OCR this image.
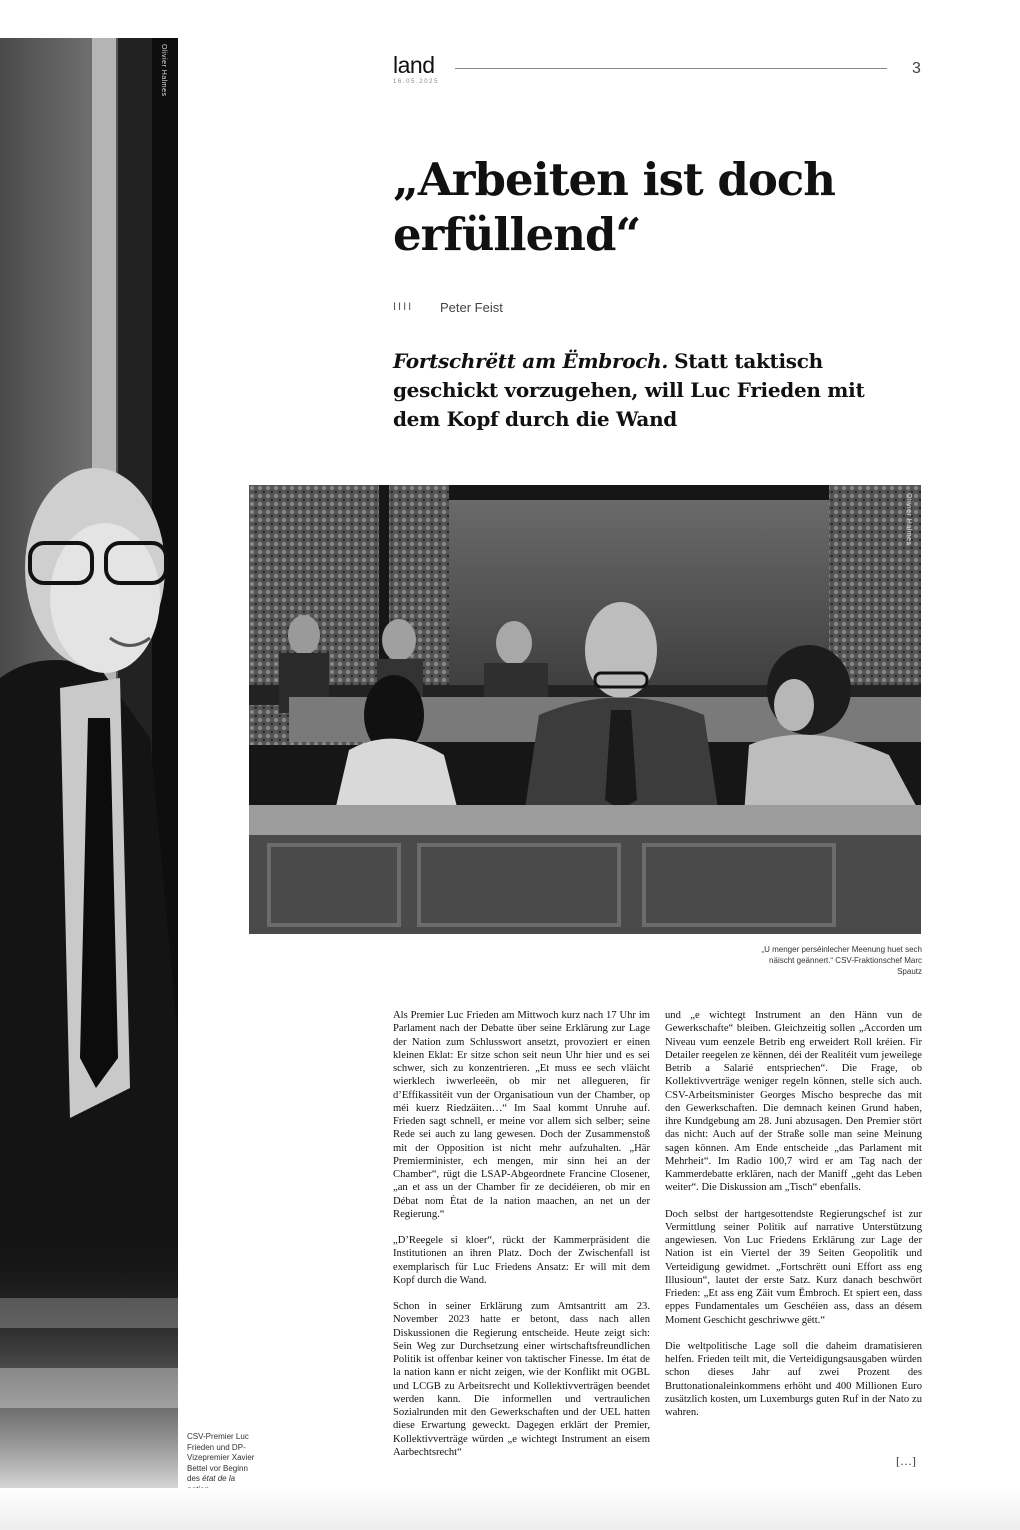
Olivier Halmes	land
16.05.2025
3
„Arbeiten ist doch erfüllend“
IIII Peter Feist

Fortschrëtt am Ëmbroch. Statt taktisch geschickt vorzugehen, will Luc Frieden mit dem Kopf durch die Wand

Olivier Halmes
„U menger perséinlecher Meenung huet sech näischt geännert.“ CSV-Fraktionschef Marc Spautz
CSV-Premier Luc Frieden und DP-Vizepremier Xavier Bettel vor Beginn des état de la

Als Premier Luc Frieden am Mittwoch kurz nach 17 Uhr im Parlament nach der Debatte über seine Erklärung zur Lage der Nation zum Schlusswort ansetzt, provoziert er einen kleinen Eklat: Er sitze schon seit neun Uhr hier und es sei schwer, sich zu konzentrieren. „Et muss ee sech vläicht wierklech iwwerleeën, ob mir net allegueren, fir d’Effikassitéit vun der Organisatioun vun der Chamber, op méi kuerz Riedzäiten…“ Im Saal kommt Unruhe auf. Frieden sagt schnell, er meine vor allem sich selber; seine Rede sei auch zu lang gewesen. Doch der Zusammenstoß mit der Opposition ist nicht mehr aufzuhalten. „Här Premierminister, ech mengen, mir sinn hei an der Chamber“, rügt die LSAP-Abgeordnete Francine Closener, „an et ass un der Chamber fir ze decidéieren, ob mir en Débat nom État de la nation maachen, an net un der Regierung.“

„D’Reegele si kloer“, rückt der Kammerpräsident die Institutionen an ihren Platz. Doch der Zwischenfall ist exemplarisch für Luc Friedens Ansatz: Er will mit dem Kopf durch die Wand.

Schon in seiner Erklärung zum Amtsantritt am 23. November 2023 hatte er betont, dass nach allen Diskussionen die Regierung entscheide. Heute zeigt sich: Sein Weg zur Durchsetzung einer wirtschaftsfreundlichen Politik ist offenbar keiner von taktischer Finesse. Im état de la nation kann er nicht zeigen, wie der Konflikt mit OGBL und LCGB zu Arbeitsrecht und Kollektivverträgen beendet werden kann. Die informellen und vertraulichen Sozialrunden mit den Gewerkschaften und der UEL hatten diese Erwartung geweckt. Dagegen erklärt der Premier, Kollektivverträge würden „e wichtegt Instrument an eisem Aarbechtsrecht“

und „e wichtegt Instrument an den Hänn vun de Gewerkschafte“ bleiben. Gleichzeitig sollen „Accorden um Niveau vum eenzele Betrib eng erweidert Roll kréien. Fir Detailer reegelen ze kënnen, déi der Realitéit vum jeweilege Betrib a Salarié entspriechen“. Die Frage, ob Kollektivverträge weniger regeln können, stelle sich auch. CSV-Arbeitsminister Georges Mischo bespreche das mit den Gewerkschaften. Die demnach keinen Grund haben, ihre Kundgebung am 28. Juni abzusagen. Den Premier stört das nicht: Auch auf der Straße solle man seine Meinung sagen können. Am Ende entscheide „das Parlament mit Mehrheit“. Im Radio 100,7 wird er am Tag nach der Kammerdebatte erklären, nach der Maniff „geht das Leben weiter“. Die Diskussion am „Tisch“ ebenfalls.

Doch selbst der hartgesottendste Regierungschef ist zur Vermittlung seiner Politik auf narrative Unterstützung angewiesen. Von Luc Friedens Erklärung zur Lage der Nation ist ein Viertel der 39 Seiten Geopolitik und Verteidigung gewidmet. „Fortschrëtt ouni Effort ass eng Illusioun“, lautet der erste Satz. Kurz danach beschwört Frieden: „Et ass eng Zäit vum Ëmbroch. Et spiert een, dass eppes Fundamentales um Geschéien ass, dass an désem Moment Geschicht geschriwwe gëtt.“

Die weltpolitische Lage soll die daheim dramatisieren helfen. Frieden teilt mit, die Verteidigungsausgaben würden schon dieses Jahr auf zwei Prozent des Bruttonationaleinkommens erhöht und 400 Millionen Euro zusätzlich kosten, um Luxemburgs guten Ruf in der Nato zu wahren.

[…]
